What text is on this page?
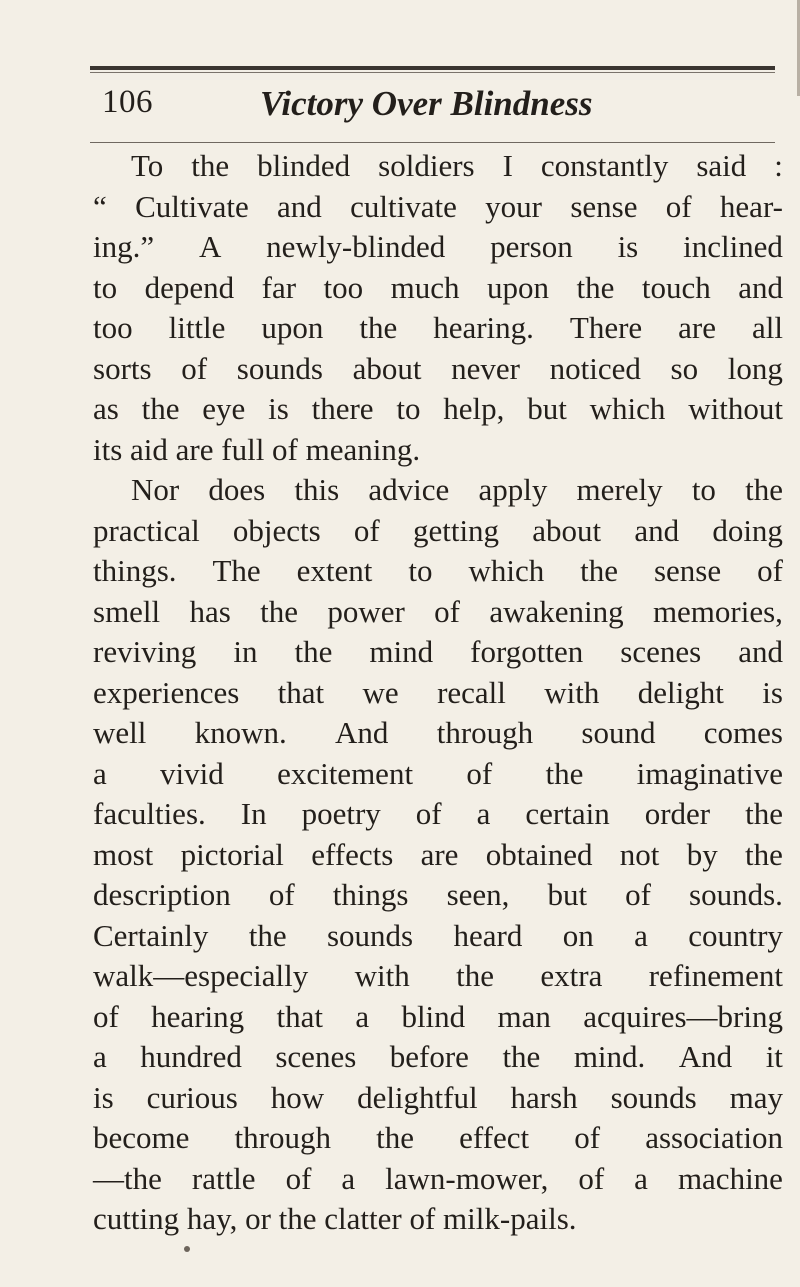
106	Victory Over Blindness
To the blinded soldiers I constantly said :
“ Cultivate and cultivate your sense of hear-
ing.” A newly-blinded person is inclined
to depend far too much upon the touch and
too little upon the hearing. There are all
sorts of sounds about never noticed so long
as the eye is there to help, but which without
its aid are full of meaning.
Nor does this advice apply merely to the
practical objects of getting about and doing
things. The extent to which the sense of
smell has the power of awakening memories,
reviving in the mind forgotten scenes and
experiences that we recall with delight is
well known. And through sound comes
a vivid excitement of the imaginative
faculties. In poetry of a certain order the
most pictorial effects are obtained not by the
description of things seen, but of sounds.
Certainly the sounds heard on a country
walk—especially with the extra refinement
of hearing that a blind man acquires—bring
a hundred scenes before the mind. And it
is curious how delightful harsh sounds may
become through the effect of association
—the rattle of a lawn-mower, of a machine
cutting hay, or the clatter of milk-pails.
